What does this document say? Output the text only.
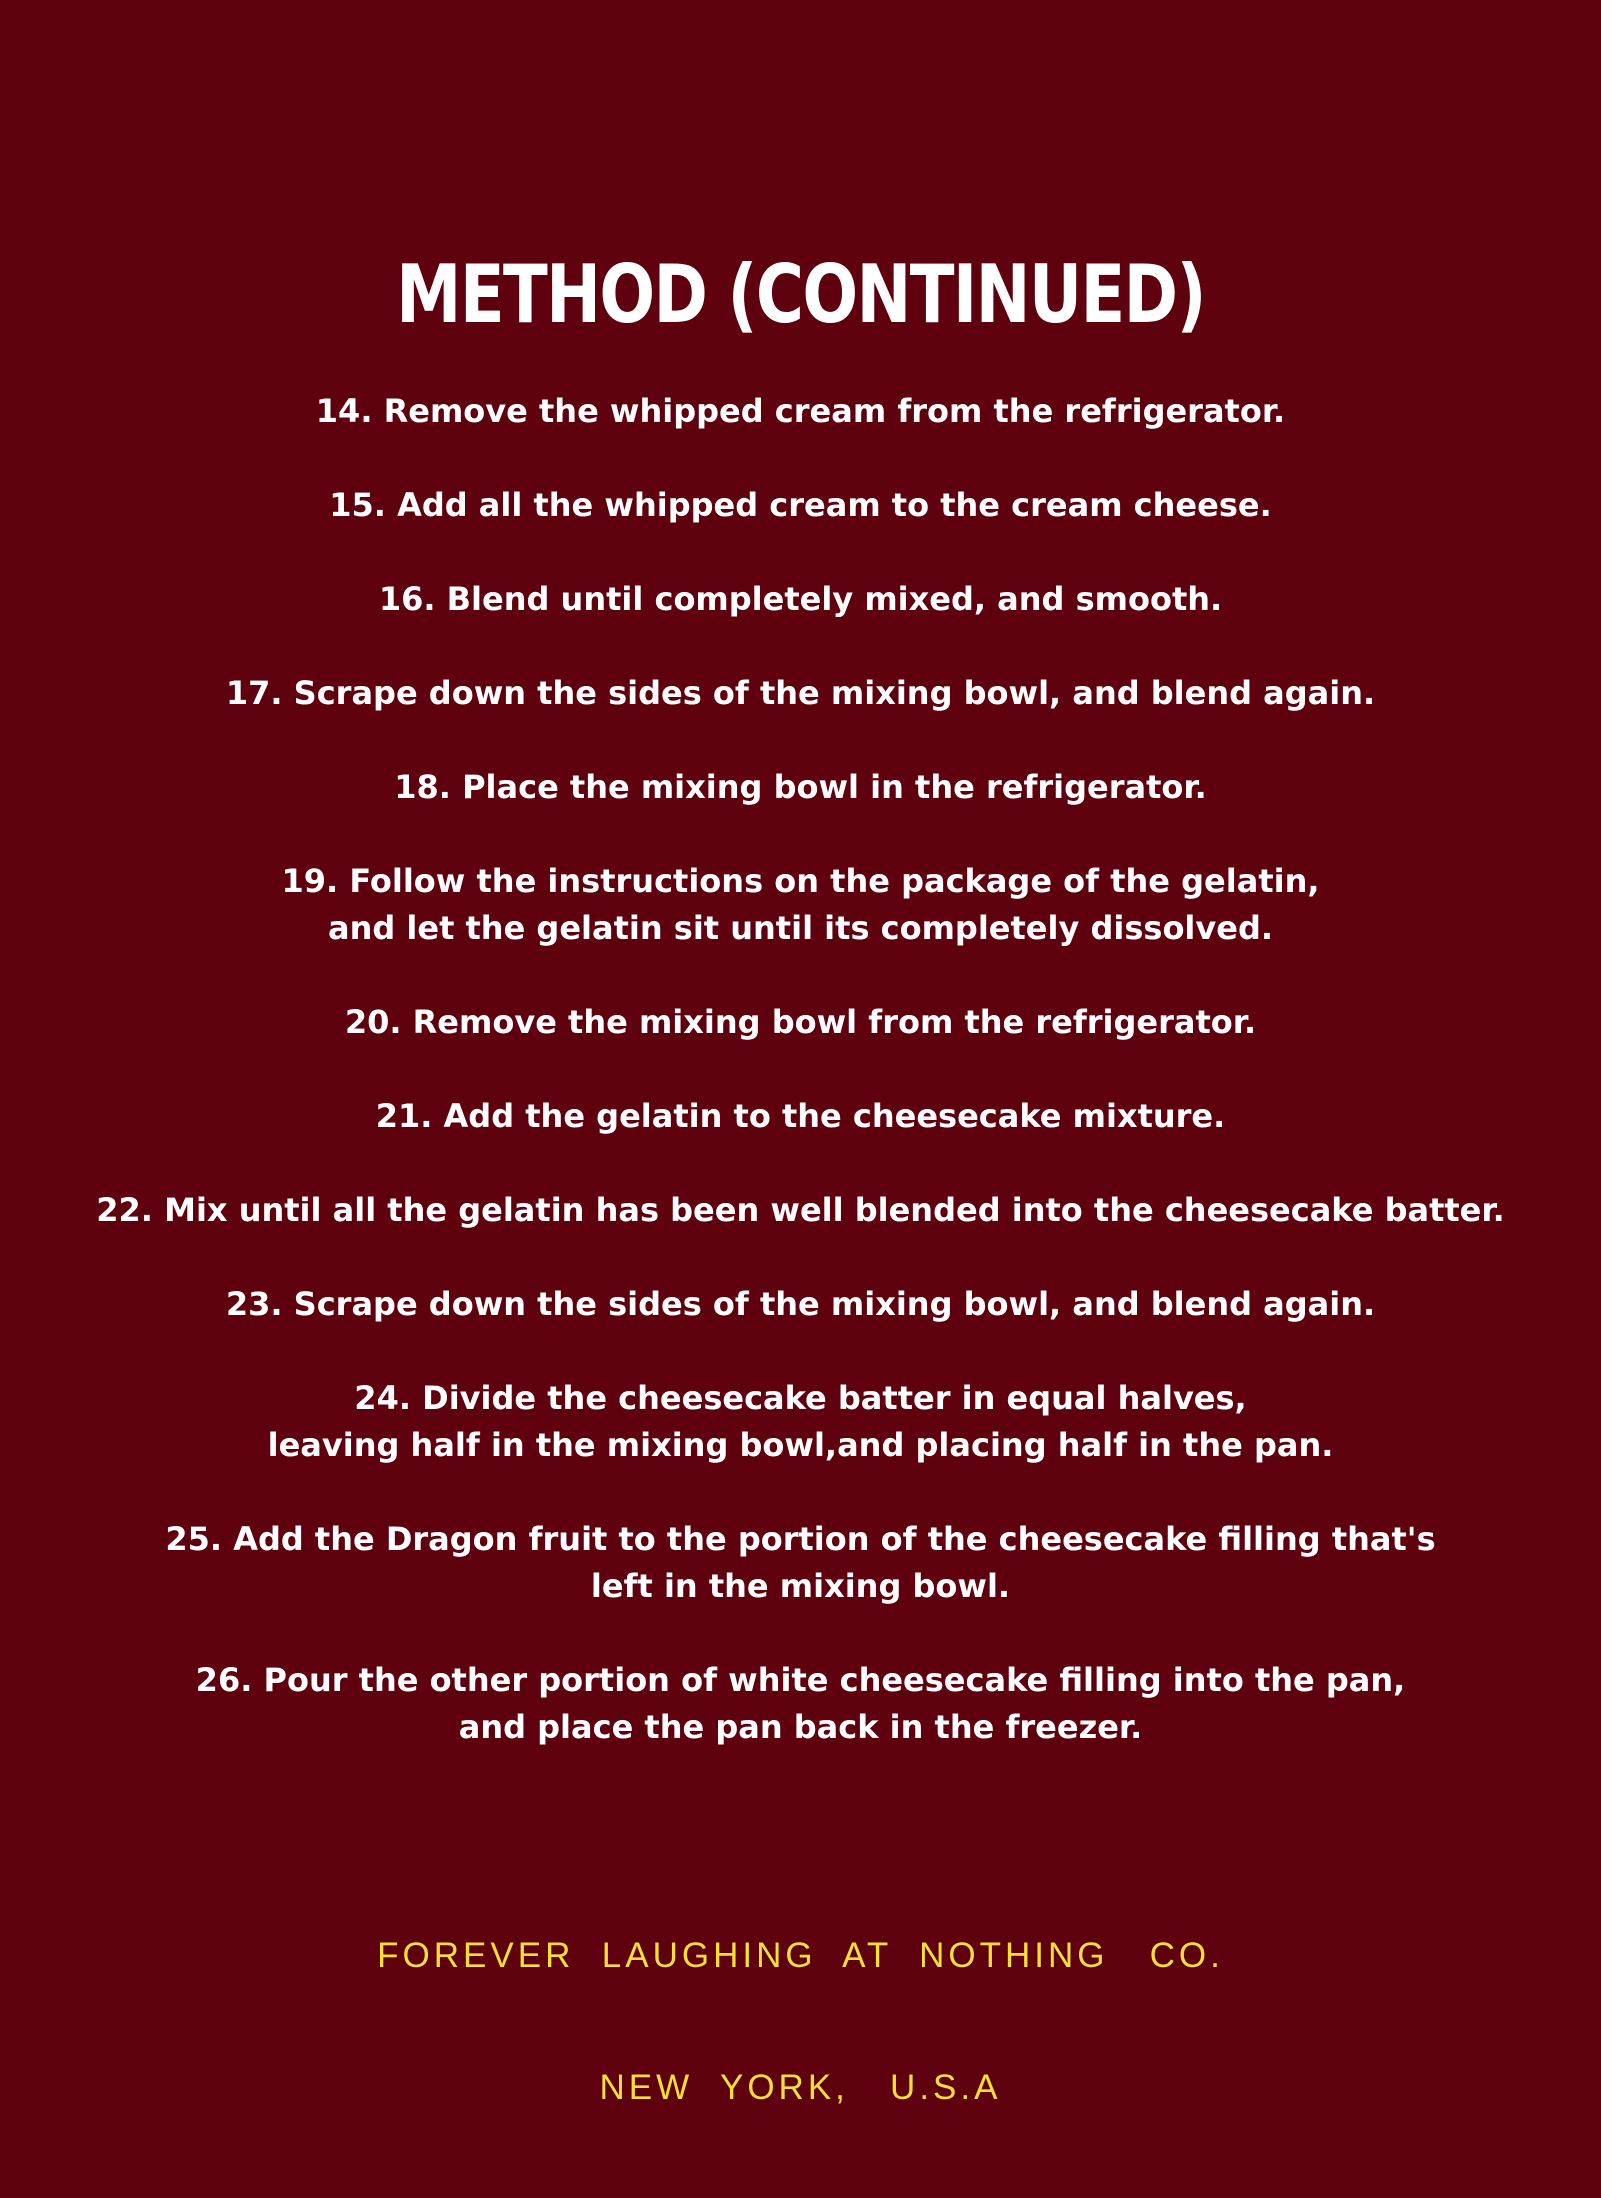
METHOD (CONTINUED)
14. Remove the whipped cream from the refrigerator.
15. Add all the whipped cream to the cream cheese.
16. Blend until completely mixed, and smooth.
17. Scrape down the sides of the mixing bowl, and blend again.
18. Place the mixing bowl in the refrigerator.
19. Follow the instructions on the package of the gelatin,
and let the gelatin sit until its completely dissolved.
20. Remove the mixing bowl from the refrigerator.
21. Add the gelatin to the cheesecake mixture.
22. Mix until all the gelatin has been well blended into the cheesecake batter.
23. Scrape down the sides of the mixing bowl, and blend again.
24. Divide the cheesecake batter in equal halves,
leaving half in the mixing bowl,and placing half in the pan.
25. Add the Dragon fruit to the portion of the cheesecake filling that's
left in the mixing bowl.
26. Pour the other portion of white cheesecake filling into the pan,
and place the pan back in the freezer.

FOREVER  LAUGHING  AT  NOTHING   CO.

NEW  YORK,   U.S.A
